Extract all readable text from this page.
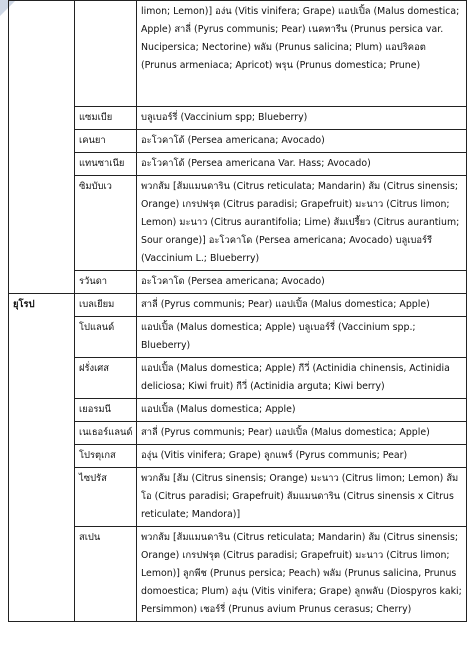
		limon; Lemon)] อง่น (Vitis vinifera; Grape) แอปเปิ้ล (Malus domestica; Apple) สาลี่ (Pyrus communis; Pear) เนคทารีน (Prunus persica var. Nucipersica; Nectorine) พลัม (Prunus salicina; Plum) แอปริคอต (Prunus armeniaca; Apricot) พรุน (Prunus domestica; Prune)
	แซมเบีย	บลูเบอร์รี่ (Vaccinium spp; Blueberry)
	เคนยา	อะโวคาโด้ (Persea americana; Avocado)
	แทนซาเนีย	อะโวคาโด้ (Persea americana Var. Hass; Avocado)
	ซิมบับเว	พวกส้ม [ส้มแมนดาริน (Citrus reticulata; Mandarin) ส้ม (Citrus sinensis; Orange) เกรปฟรุต (Citrus paradisi; Grapefruit) มะนาว (Citrus limon; Lemon) มะนาว (Citrus aurantifolia; Lime) ส้มเปรี้ยว (Citrus aurantium; Sour orange)] อะโวคาโด (Persea americana; Avocado) บลูเบอร์รี (Vaccinium L.; Blueberry)
	รวันดา	อะโวคาโด (Persea americana; Avocado)
ยุโรป	เบลเยียม	สาลี่ (Pyrus communis; Pear) แอปเปิ้ล (Malus domestica; Apple)
	โปแลนด์	แอปเปิ้ล (Malus domestica; Apple) บลูเบอร์รี่ (Vaccinium spp.; Blueberry)
	ฝรั่งเศส	แอปเปิ้ล (Malus domestica; Apple) กีวี่ (Actinidia chinensis, Actinidia deliciosa; Kiwi fruit) กีวี่ (Actinidia arguta; Kiwi berry)
	เยอรมนี	แอปเปิ้ล (Malus domestica; Apple)
	เนเธอร์แลนด์	สาลี่ (Pyrus communis; Pear) แอปเปิ้ล (Malus domestica; Apple)
	โปรตุเกส	องุ่น (Vitis vinifera; Grape) ลูกแพร์ (Pyrus communis; Pear)
	ไซปรัส	พวกส้ม [ส้ม (Citrus sinensis; Orange) มะนาว (Citrus limon; Lemon) ส้มโอ (Citrus paradisi; Grapefruit) ส้มแมนดาริน (Citrus sinensis x Citrus reticulate; Mandora)]
	สเปน	พวกส้ม [ส้มแมนดาริน (Citrus reticulata; Mandarin) ส้ม (Citrus sinensis; Orange) เกรปฟรุต (Citrus paradisi; Grapefruit) มะนาว (Citrus limon; Lemon)] ลูกพีช (Prunus persica; Peach) พลัม (Prunus salicina, Prunus domoestica; Plum) องุ่น (Vitis vinifera; Grape) ลูกพลับ (Diospyros kaki; Persimmon) เชอร์รี่ (Prunus avium Prunus cerasus; Cherry)
